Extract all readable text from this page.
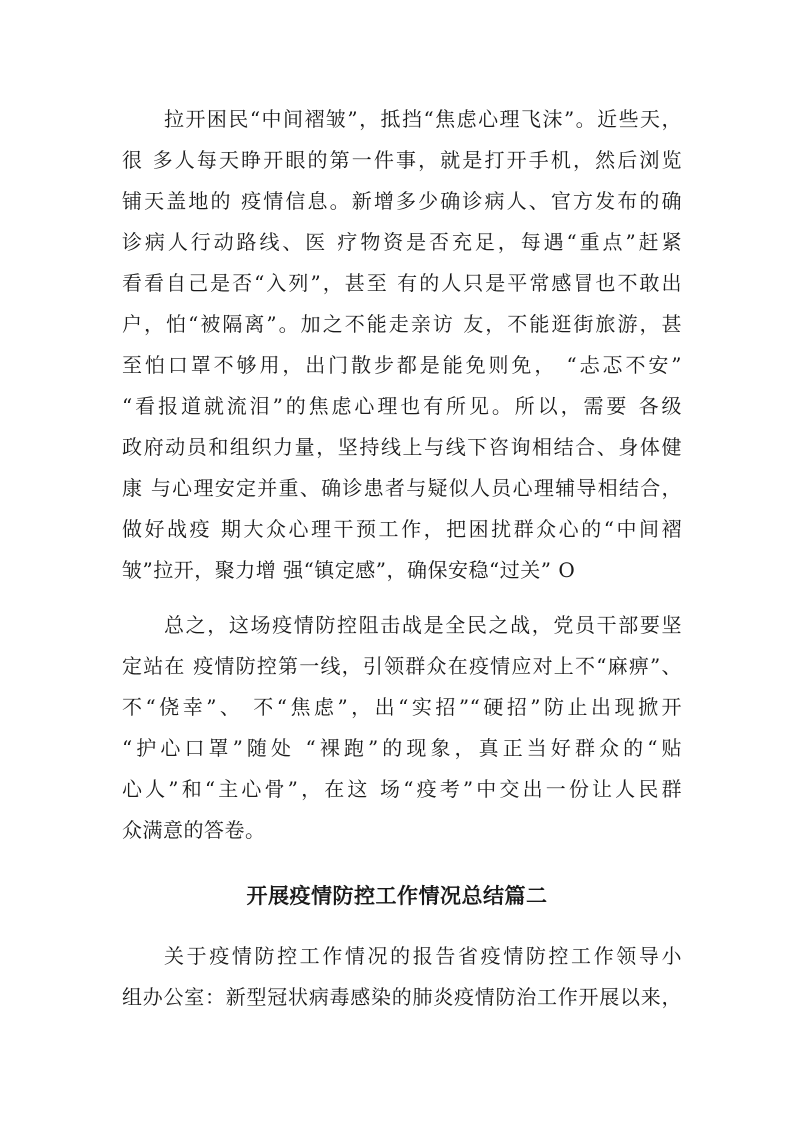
拉开困民“中间褶皱”，抵挡“焦虑心理飞沫”。近些天，
很 多人每天睁开眼的第一件事，就是打开手机，然后浏览
铺天盖地的 疫情信息。新增多少确诊病人、官方发布的确
诊病人行动路线、医 疗物资是否充足，每遇“重点”赶紧
看看自己是否“入列”，甚至 有的人只是平常感冒也不敢出
户，怕“被隔离”。加之不能走亲访 友，不能逛街旅游，甚
至怕口罩不够用，出门散步都是能免则免， “忐忑不安”
“看报道就流泪”的焦虑心理也有所见。所以，需要 各级
政府动员和组织力量，坚持线上与线下咨询相结合、身体健
康 与心理安定并重、确诊患者与疑似人员心理辅导相结合，
做好战疫 期大众心理干预工作，把困扰群众心的“中间褶
皱”拉开，聚力增 强“镇定感”，确保安稳“过关” O
总之，这场疫情防控阻击战是全民之战，党员干部要坚
定站在 疫情防控第一线，引领群众在疫情应对上不“麻痹”、
不“侥幸”、 不“焦虑”，出“实招”“硬招”防止出现掀开
“护心口罩”随处 “裸跑”的现象，真正当好群众的“贴
心人”和“主心骨”，在这 场“疫考”中交出一份让人民群
众满意的答卷。
开展疫情防控工作情况总结篇二
关于疫情防控工作情况的报告省疫情防控工作领导小
组办公室：新型冠状病毒感染的肺炎疫情防治工作开展以来，
